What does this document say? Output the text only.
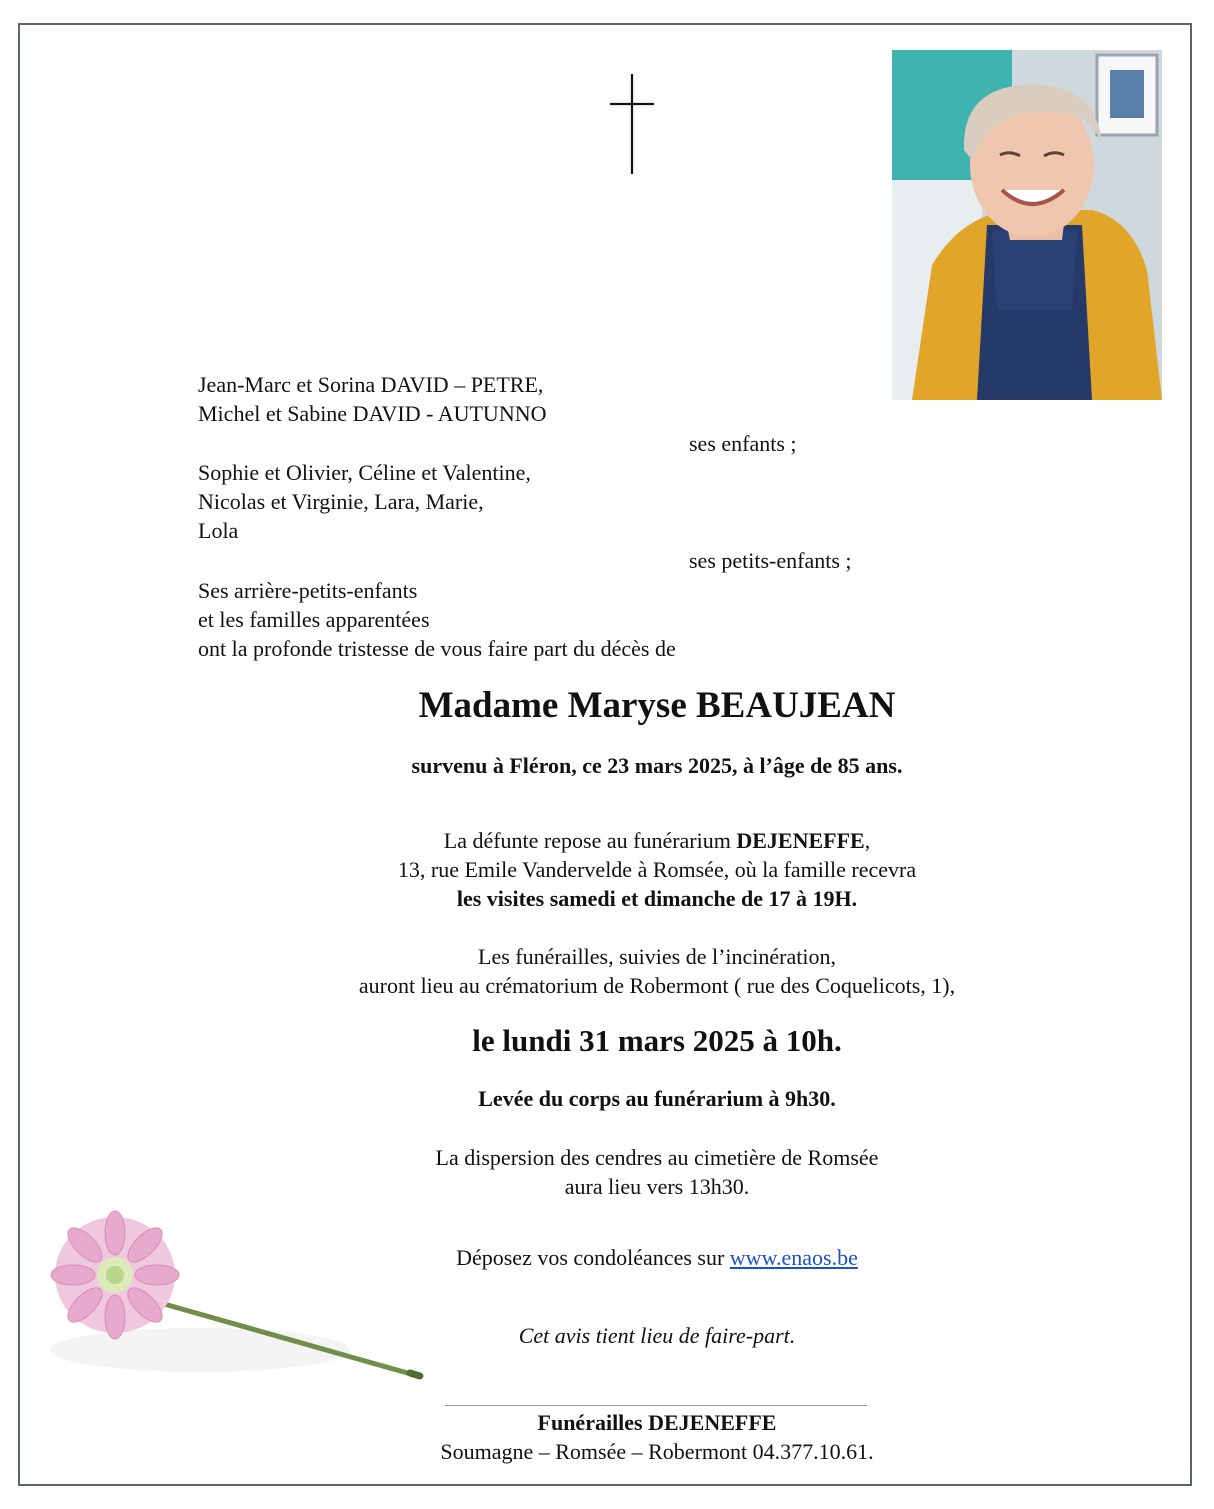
Jean-Marc et Sorina DAVID – PETRE,
Michel et Sabine DAVID - AUTUNNO
ses enfants ;
Sophie et Olivier, Céline et Valentine,
Nicolas et Virginie, Lara, Marie,
Lola
ses petits-enfants ;
Ses arrière-petits-enfants
et les familles apparentées
ont la profonde tristesse de vous faire part du décès de
Madame Maryse BEAUJEAN
survenu à Fléron, ce 23 mars 2025, à l’âge de 85 ans.
La défunte repose au funérarium DEJENEFFE,
13, rue Emile Vandervelde à Romsée, où la famille recevra
les visites samedi et dimanche de 17 à 19H.
Les funérailles, suivies de l’incinération,
auront lieu au crématorium de Robermont ( rue des Coquelicots, 1),
le lundi 31 mars 2025 à 10h.
Levée du corps au funérarium à 9h30.
La dispersion des cendres au cimetière de Romsée
aura lieu vers 13h30.
Déposez vos condoléances sur www.enaos.be
Cet avis tient lieu de faire-part.
Funérailles DEJENEFFE
Soumagne – Romsée – Robermont 04.377.10.61.
